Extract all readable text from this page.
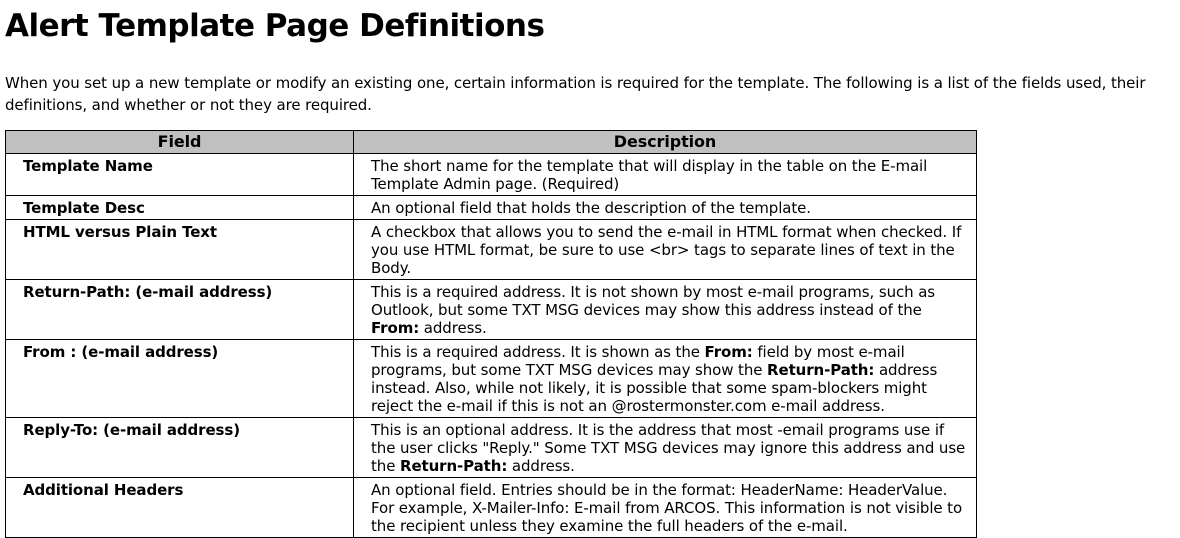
Alert Template Page Definitions

When you set up a new template or modify an existing one, certain information is required for the template. The following is a list of the fields used, their definitions, and whether or not they are required.

Field	Description
Template Name	The short name for the template that will display in the table on the E-mail Template Admin page. (Required)
Template Desc	An optional field that holds the description of the template.
HTML versus Plain Text	A checkbox that allows you to send the e-mail in HTML format when checked. If you use HTML format, be sure to use <br> tags to separate lines of text in the Body.
Return-Path: (e-mail address)	This is a required address. It is not shown by most e-mail programs, such as Outlook, but some TXT MSG devices may show this address instead of the From: address.
From : (e-mail address)	This is a required address. It is shown as the From: field by most e-mail programs, but some TXT MSG devices may show the Return-Path: address instead. Also, while not likely, it is possible that some spam-blockers might reject the e-mail if this is not an @rostermonster.com e-mail address.
Reply-To: (e-mail address)	This is an optional address. It is the address that most -email programs use if the user clicks "Reply." Some TXT MSG devices may ignore this address and use the Return-Path: address.
Additional Headers	An optional field. Entries should be in the format: HeaderName: HeaderValue. For example, X-Mailer-Info: E-mail from ARCOS. This information is not visible to the recipient unless they examine the full headers of the e-mail.
